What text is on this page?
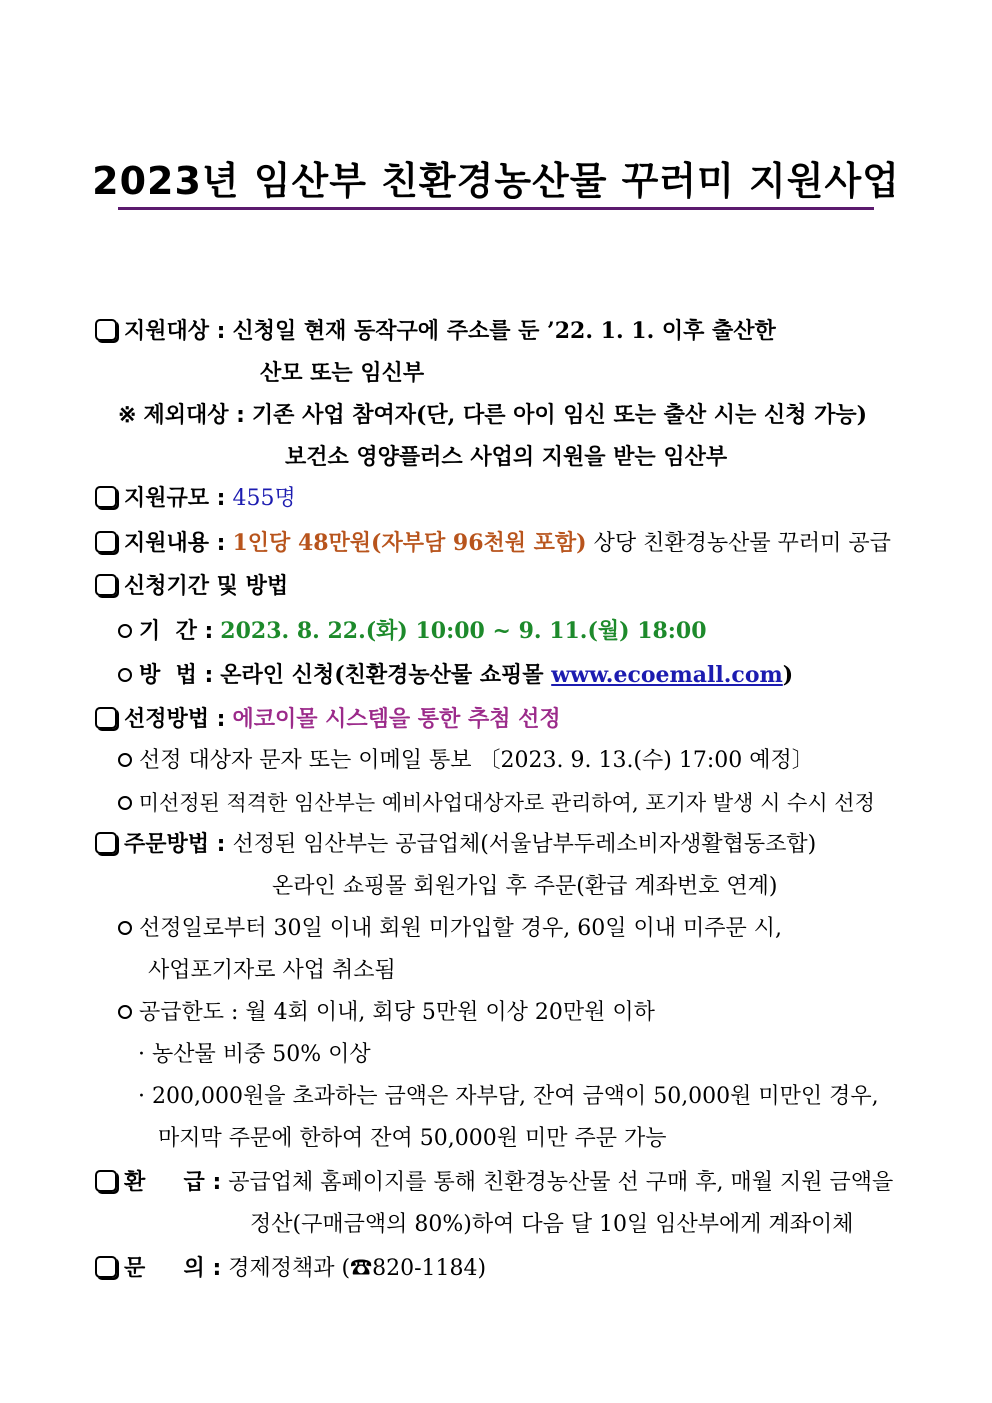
2023년 임산부 친환경농산물 꾸러미 지원사업
지원대상 : 신청일 현재 동작구에 주소를 둔 ’22. 1. 1. 이후 출산한
산모 또는 임신부
※ 제외대상 : 기존 사업 참여자(단, 다른 아이 임신 또는 출산 시는 신청 가능)
보건소 영양플러스 사업의 지원을 받는 임산부
지원규모 : 455명
지원내용 : 1인당 48만원(자부담 96천원 포함) 상당 친환경농산물 꾸러미 공급
신청기간 및 방법
기  간 : 2023. 8. 22.(화) 10:00 ~ 9. 11.(월) 18:00
방  법 : 온라인 신청(친환경농산물 쇼핑몰 www.ecoemall.com)
선정방법 : 에코이몰 시스템을 통한 추첨 선정
선정 대상자 문자 또는 이메일 통보 〔2023. 9. 13.(수) 17:00 예정〕
미선정된 적격한 임산부는 예비사업대상자로 관리하여, 포기자 발생 시 수시 선정
주문방법 : 선정된 임산부는 공급업체(서울남부두레소비자생활협동조합)
온라인 쇼핑몰 회원가입 후 주문(환급 계좌번호 연계)
선정일로부터 30일 이내 회원 미가입할 경우, 60일 이내 미주문 시,
사업포기자로 사업 취소됨
공급한도 : 월 4회 이내, 회당 5만원 이상 20만원 이하
· 농산물 비중 50% 이상
· 200,000원을 초과하는 금액은 자부담, 잔여 금액이 50,000원 미만인 경우,
마지막 주문에 한하여 잔여 50,000원 미만 주문 가능
환     급 : 공급업체 홈페이지를 통해 친환경농산물 선 구매 후, 매월 지원 금액을
정산(구매금액의 80%)하여 다음 달 10일 임산부에게 계좌이체
문     의 : 경제정책과 (☎820-1184)
